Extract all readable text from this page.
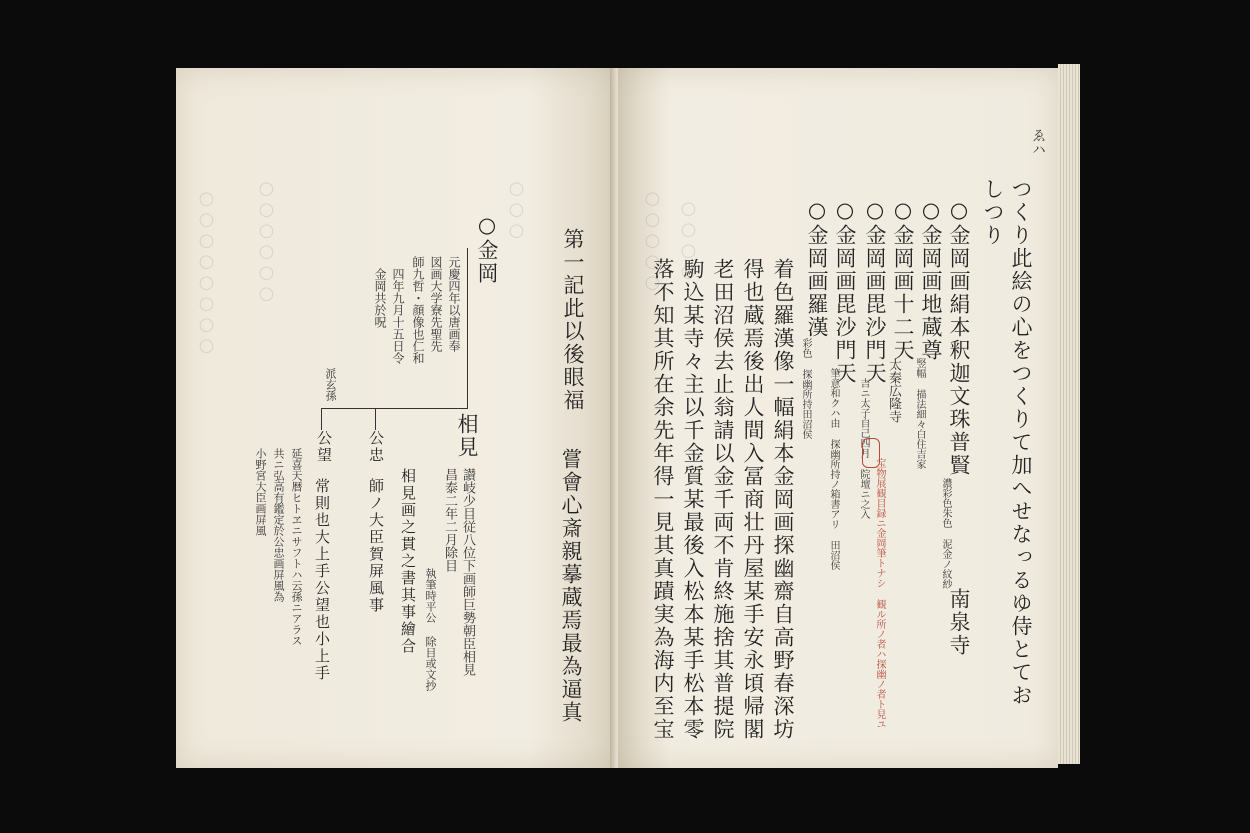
○○○○○○○○ ○○○○○○	○○○
第一記此以後眼福
嘗會心斎親摹蔵焉最為逼真
○金岡
元慶四年以唐画奉
図画大学寮先聖先
師九哲・顔像也仁和
四年九月十五日令
金岡共於呪
派玄孫
相見
讃岐少目従八位下画師巨勢朝臣相見
昌泰二年二月除目
執筆時平公 除目或文抄
相見画之貫之書其事繪合
公忠
師ノ大臣賀屏風事
公望
常則也大上手公望也小上手
延喜天暦ヒトヱニサフトハ云孫ニアラス
共ニ弘高有鑑定於公忠画屏風為
小野宮大臣画屏風
○○○○○ ○○○○
ゑハ
つくり此絵の心をつくりて加へせなっるゆ侍とてお
しつり
○金岡画絹本釈迦文珠普賢
濃彩色朱色 泥金ノ紋紗
南泉寺
○金岡画地蔵尊
竪幅 描法細々白住吉家
○金岡画十二天
太秦広隆寺
○金岡画毘沙門天
吉ニ太子自己四月 院壇ニ之入
宝物展観目録ニ金岡筆トナシ 観ル所ノ者ハ探幽ノ者ト見ユ
○金岡画毘沙門天
筆意和クハ由 探幽所持ノ箱書アリ 田沼侯
○金岡画羅漢
彩色 探幽所持田沼侯
着色羅漢像一幅絹本金岡画探幽齋自高野春深坊
得也蔵焉後出人間入冨商壮丹屋某手安永頃帰閣
老田沼侯去止翁請以金千両不肯終施捨其普提院
駒込某寺々主以千金質某最後入松本某手松本零
落不知其所在余先年得一見其真蹟実為海内至宝
